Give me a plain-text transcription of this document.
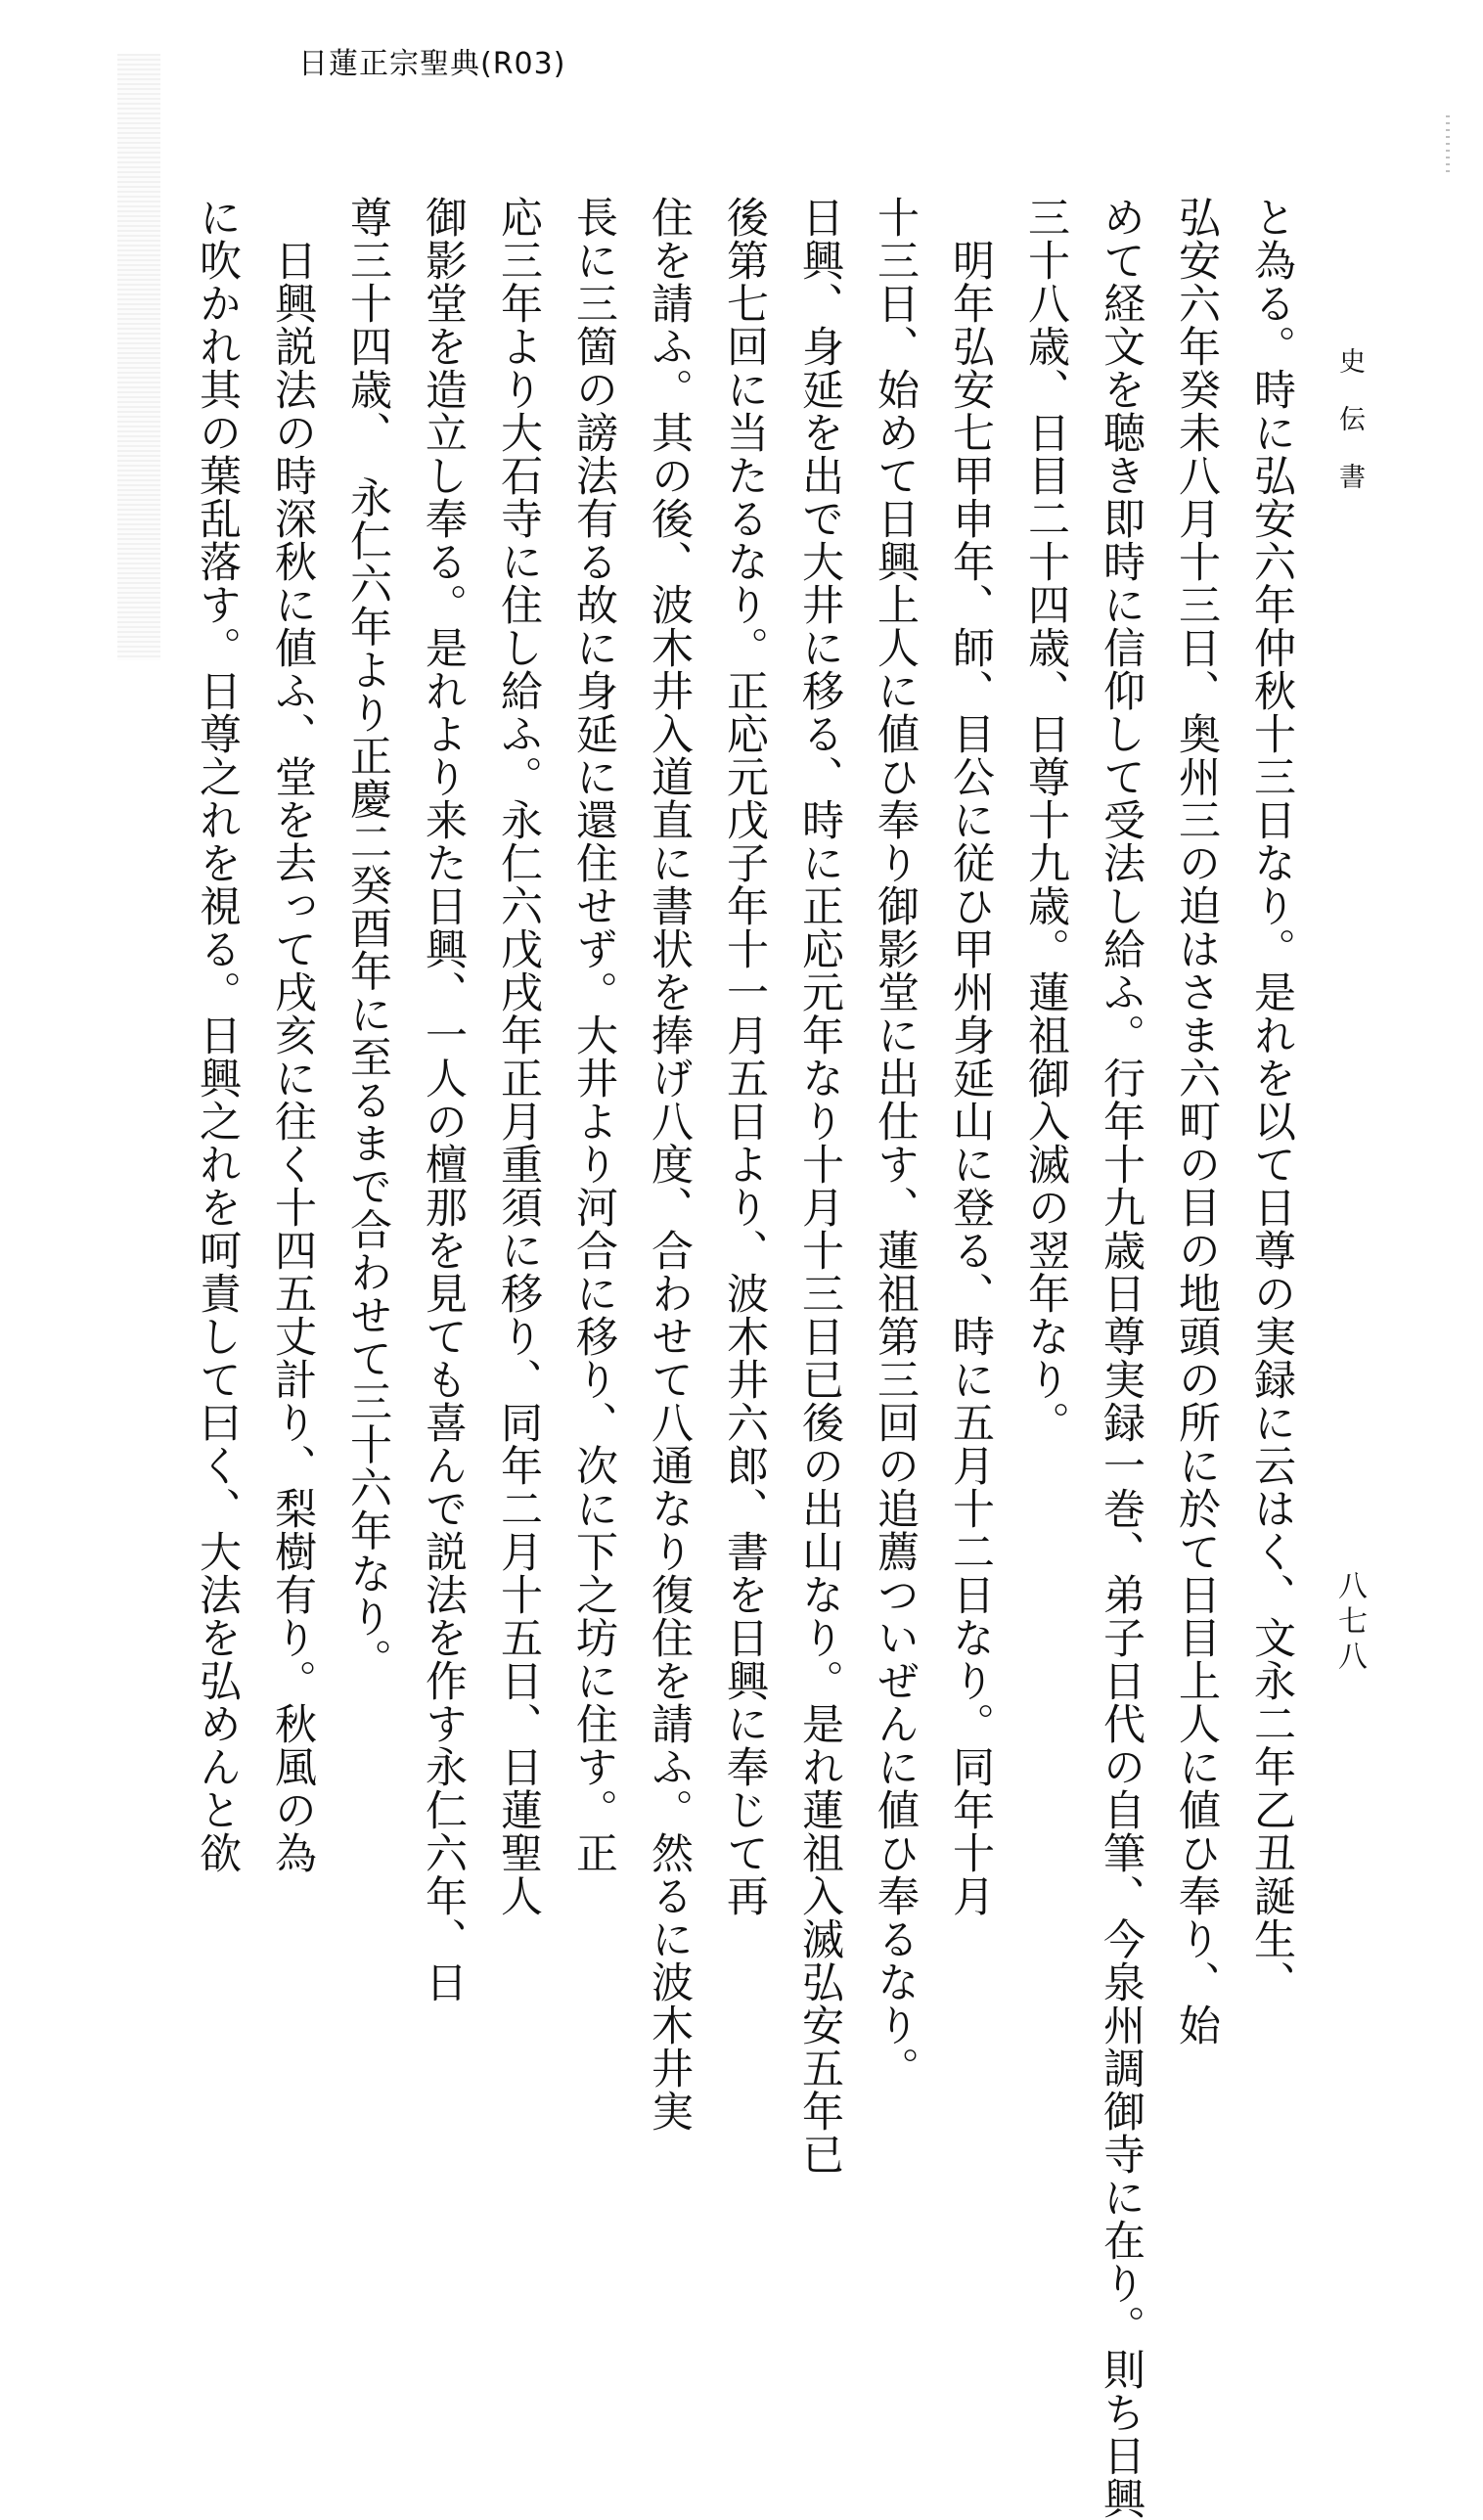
日蓮正宗聖典(R03)
史伝書
八七八
と為る。時に弘安六年仲秋十三日なり。是れを以て日尊の実録に云はく、文永二年乙丑誕生、
弘安六年癸未八月十三日、奥州三の迫はさま六町の目の地頭の所に於て日目上人に値ひ奉り、始
めて経文を聴き即時に信仰して受法し給ふ。行年十九歳日尊実録一巻、弟子日代の自筆、今泉州調御寺に在り。則ち日興
三十八歳、日目二十四歳、日尊十九歳。蓮祖御入滅の翌年なり。
　明年弘安七甲申年、師、目公に従ひ甲州身延山に登る、時に五月十二日なり。同年十月
十三日、始めて日興上人に値ひ奉り御影堂に出仕す、蓮祖第三回の追薦ついぜんに値ひ奉るなり。
日興、身延を出で大井に移る、時に正応元年なり十月十三日已後の出山なり。是れ蓮祖入滅弘安五年已
後第七回に当たるなり。正応元戊子年十一月五日より、波木井六郎、書を日興に奉じて再
住を請ふ。其の後、波木井入道直に書状を捧げ八度、合わせて八通なり復住を請ふ。然るに波木井実
長に三箇の謗法有る故に身延に還住せず。大井より河合に移り、次に下之坊に住す。正
応三年より大石寺に住し給ふ。永仁六戊戌年正月重須に移り、同年二月十五日、日蓮聖人
御影堂を造立し奉る。是れより来た日興、一人の檀那を見ても喜んで説法を作す永仁六年、日
尊三十四歳、　永仁六年より正慶二癸酉年に至るまで合わせて三十六年なり。
　日興説法の時深秋に値ふ、堂を去って戌亥に往く十四五丈計り、梨樹有り。秋風の為
に吹かれ其の葉乱落す。日尊之れを視る。日興之れを呵責して曰く、大法を弘めんと欲
